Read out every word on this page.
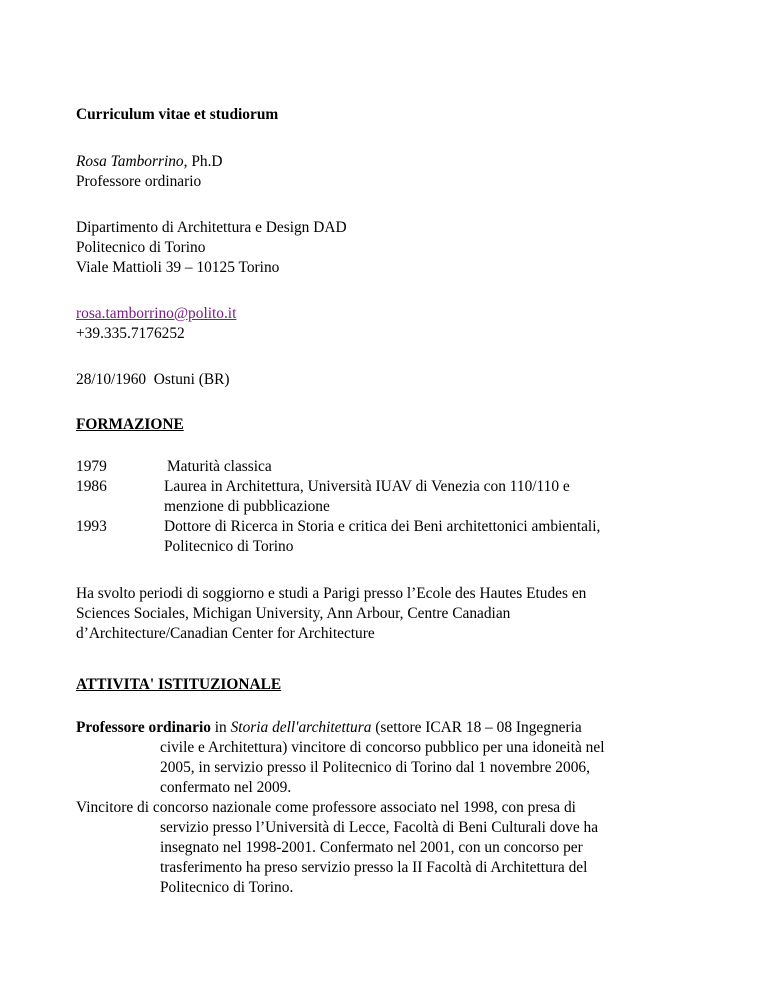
Curriculum vitae et studiorum
Rosa Tamborrino, Ph.D
Professore ordinario
Dipartimento di Architettura e Design DAD
Politecnico di Torino
Viale Mattioli 39 – 10125 Torino
rosa.tamborrino@polito.it
+39.335.7176252
28/10/1960  Ostuni (BR)
FORMAZIONE
1979	Maturità classica
1986	Laurea in Architettura, Università IUAV di Venezia con 110/110 e
menzione di pubblicazione
1993	Dottore di Ricerca in Storia e critica dei Beni architettonici ambientali,
Politecnico di Torino
Ha svolto periodi di soggiorno e studi a Parigi presso l’Ecole des Hautes Etudes en
Sciences Sociales, Michigan University, Ann Arbour, Centre Canadian
d’Architecture/Canadian Center for Architecture
ATTIVITA' ISTITUZIONALE
Professore ordinario in Storia dell'architettura (settore ICAR 18 – 08 Ingegneria
civile e Architettura) vincitore di concorso pubblico per una idoneità nel
2005, in servizio presso il Politecnico di Torino dal 1 novembre 2006,
confermato nel 2009.
Vincitore di concorso nazionale come professore associato nel 1998, con presa di
servizio presso l’Università di Lecce, Facoltà di Beni Culturali dove ha
insegnato nel 1998-2001. Confermato nel 2001, con un concorso per
trasferimento ha preso servizio presso la II Facoltà di Architettura del
Politecnico di Torino.
